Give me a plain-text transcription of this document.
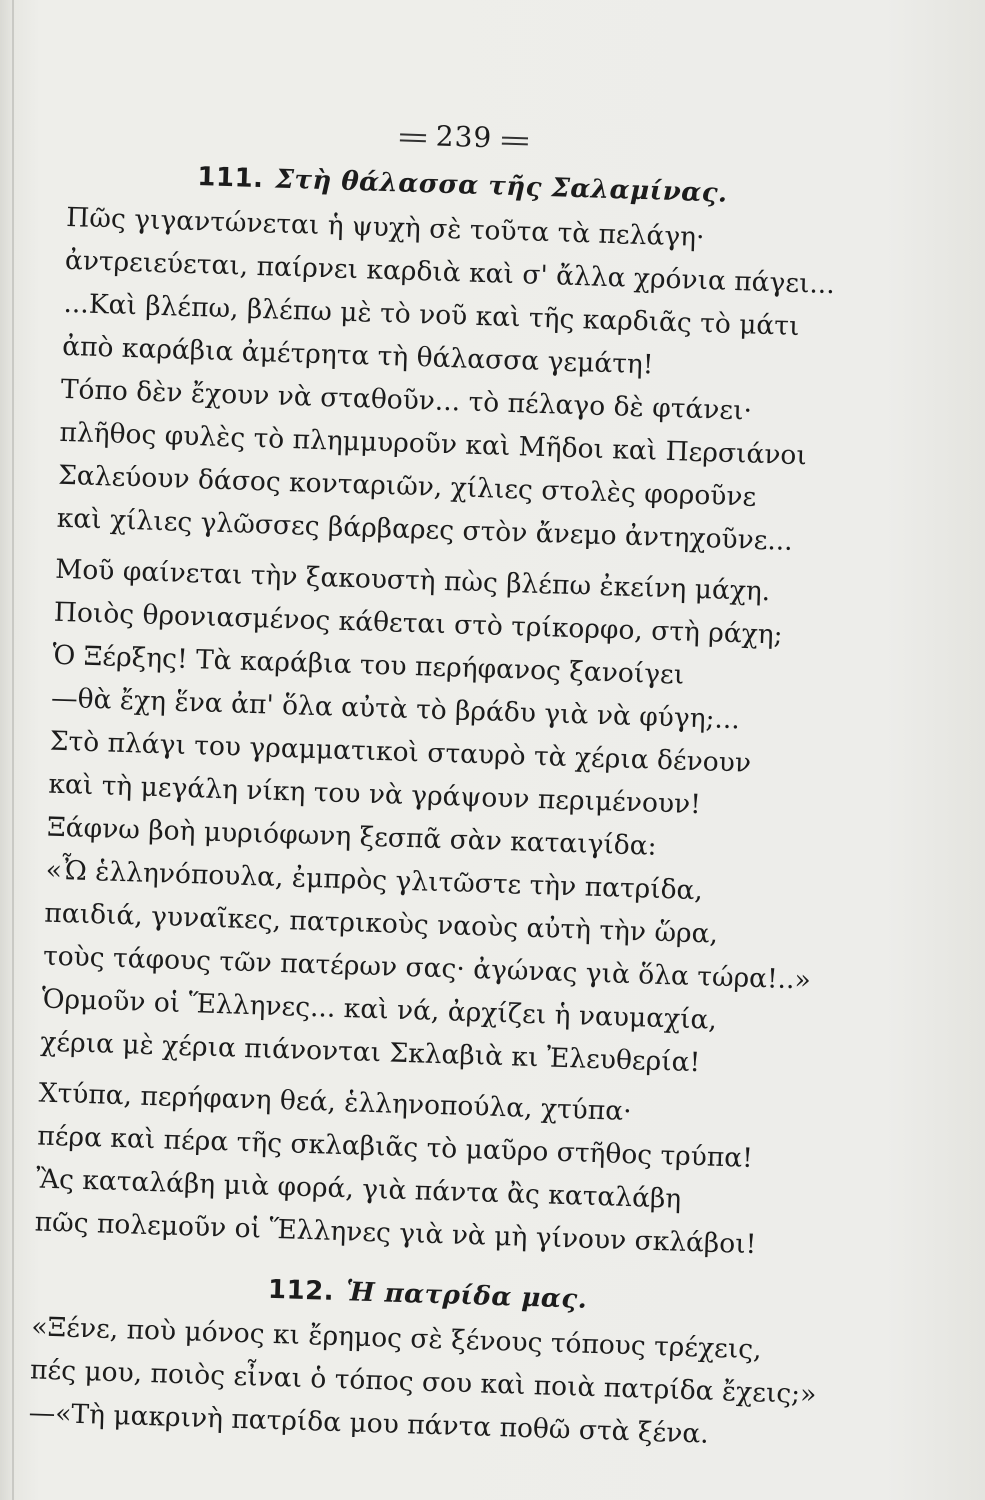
239
111. Στὴ θάλασσα τῆς Σαλαμίνας.
Πῶς γιγαντώνεται ἡ ψυχὴ σὲ τοῦτα τὰ πελάγη·
ἀντρειεύεται, παίρνει καρδιὰ καὶ σ' ἄλλα χρόνια πάγει...
...Καὶ βλέπω, βλέπω μὲ τὸ νοῦ καὶ τῆς καρδιᾶς τὸ μάτι
ἀπὸ καράβια ἀμέτρητα τὴ θάλασσα γεμάτη!
Τόπο δὲν ἔχουν νὰ σταθοῦν... τὸ πέλαγο δὲ φτάνει·
πλῆθος φυλὲς τὸ πλημμυροῦν καὶ Μῆδοι καὶ Περσιάνοι
Σαλεύουν δάσος κονταριῶν, χίλιες στολὲς φοροῦνε
καὶ χίλιες γλῶσσες βάρβαρες στὸν ἄνεμο ἀντηχοῦνε...
Μοῦ φαίνεται τὴν ξακουστὴ πὼς βλέπω ἐκείνη μάχη.
Ποιὸς θρονιασμένος κάθεται στὸ τρίκορφο, στὴ ράχη;
Ὁ Ξέρξης! Τὰ καράβια του περήφανος ξανοίγει
—θὰ ἔχη ἕνα ἀπ' ὅλα αὐτὰ τὸ βράδυ γιὰ νὰ φύγη;...
Στὸ πλάγι του γραμματικοὶ σταυρὸ τὰ χέρια δένουν
καὶ τὴ μεγάλη νίκη του νὰ γράψουν περιμένουν!
Ξάφνω βοὴ μυριόφωνη ξεσπᾶ σὰν καταιγίδα:
«Ὦ ἑλληνόπουλα, ἐμπρὸς γλιτῶστε τὴν πατρίδα,
παιδιά, γυναῖκες, πατρικοὺς ναοὺς αὐτὴ τὴν ὥρα,
τοὺς τάφους τῶν πατέρων σας· ἀγώνας γιὰ ὅλα τώρα!..»
Ὁρμοῦν οἱ Ἕλληνες... καὶ νά, ἀρχίζει ἡ ναυμαχία,
χέρια μὲ χέρια πιάνονται Σκλαβιὰ κι Ἐλευθερία!
Χτύπα, περήφανη θεά, ἑλληνοπούλα, χτύπα·
πέρα καὶ πέρα τῆς σκλαβιᾶς τὸ μαῦρο στῆθος τρύπα!
Ἂς καταλάβη μιὰ φορά, γιὰ πάντα ἂς καταλάβη
πῶς πολεμοῦν οἱ Ἕλληνες γιὰ νὰ μὴ γίνουν σκλάβοι!
112. Ἡ πατρίδα μας.
«Ξένε, ποὺ μόνος κι ἔρημος σὲ ξένους τόπους τρέχεις,
πές μου, ποιὸς εἶναι ὁ τόπος σου καὶ ποιὰ πατρίδα ἔχεις;»
—«Τὴ μακρινὴ πατρίδα μου πάντα ποθῶ στὰ ξένα.
